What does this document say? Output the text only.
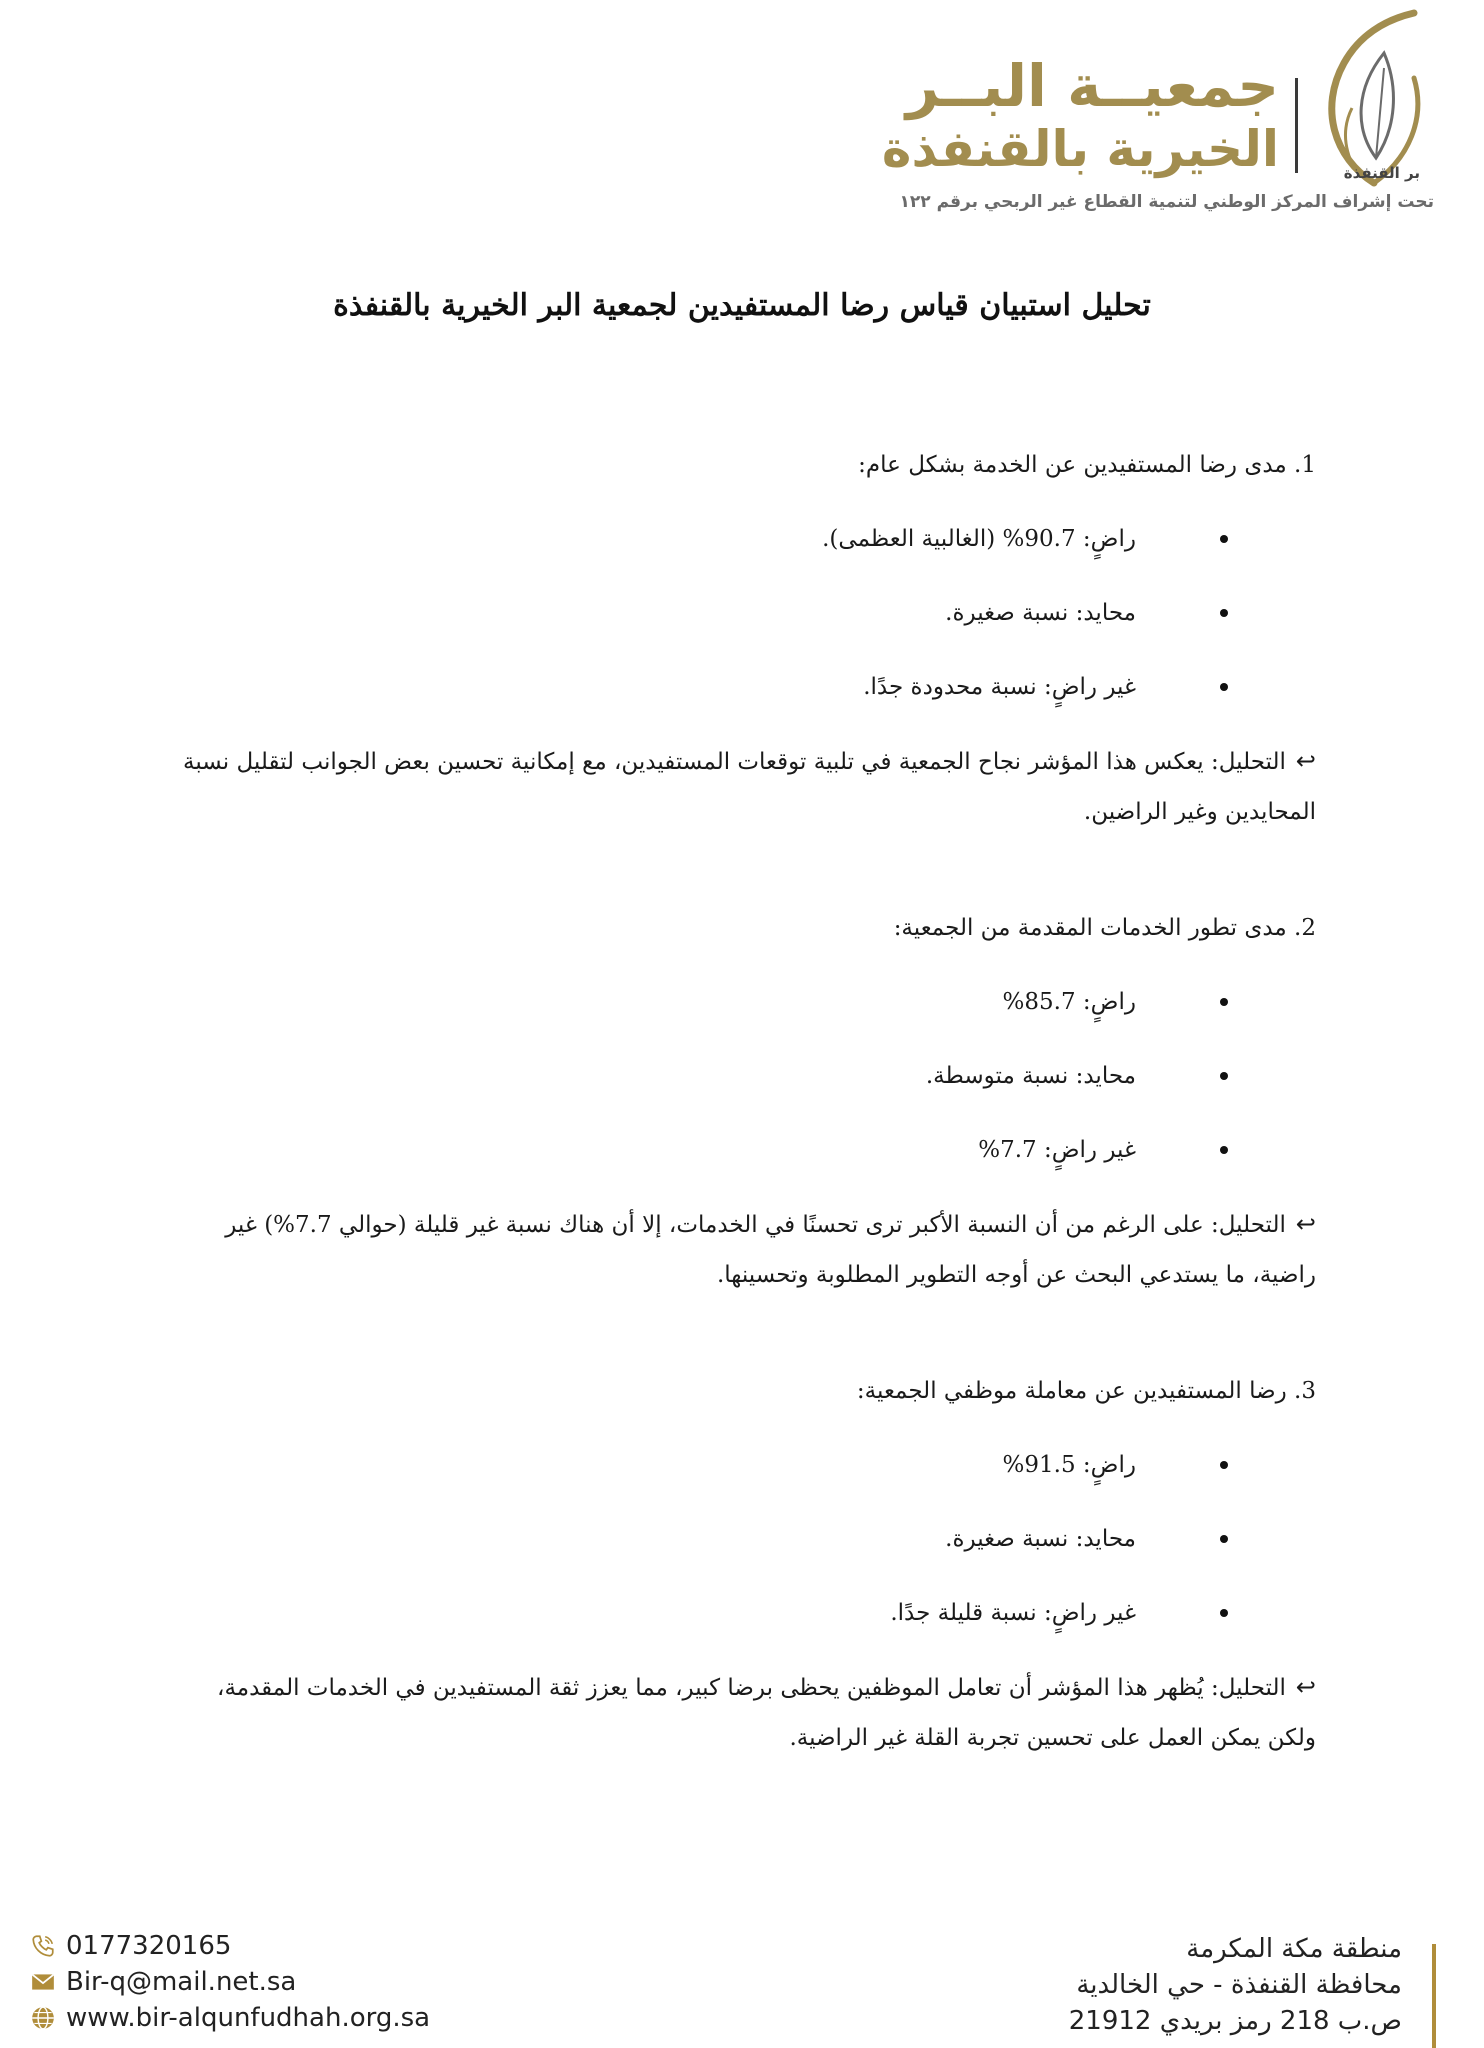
جمعيــة البــر
الخيرية بالقنفذة	بر القنفذة
تحت إشراف المركز الوطني لتنمية القطاع غير الربحي برقم ١٢٢
تحليل استبيان قياس رضا المستفيدين لجمعية البر الخيرية بالقنفذة

1. مدى رضا المستفيدين عن الخدمة بشكل عام:

راضٍ: 90.7% (الغالبية العظمى).
محايد: نسبة صغيرة.
غير راضٍ: نسبة محدودة جدًا.

↩التحليل: يعكس هذا المؤشر نجاح الجمعية في تلبية توقعات المستفيدين، مع إمكانية تحسين بعض الجوانب لتقليل نسبة المحايدين وغير الراضين.

2. مدى تطور الخدمات المقدمة من الجمعية:

راضٍ: 85.7%
محايد: نسبة متوسطة.
غير راضٍ: 7.7%

↩التحليل: على الرغم من أن النسبة الأكبر ترى تحسنًا في الخدمات، إلا أن هناك نسبة غير قليلة (حوالي 7.7%) غير راضية، ما يستدعي البحث عن أوجه التطوير المطلوبة وتحسينها.

3. رضا المستفيدين عن معاملة موظفي الجمعية:

راضٍ: 91.5%
محايد: نسبة صغيرة.
غير راضٍ: نسبة قليلة جدًا.

↩التحليل: يُظهر هذا المؤشر أن تعامل الموظفين يحظى برضا كبير، مما يعزز ثقة المستفيدين في الخدمات المقدمة، ولكن يمكن العمل على تحسين تجربة القلة غير الراضية.

0177320165
Bir-q@mail.net.sa
www.bir-alqunfudhah.org.sa
منطقة مكة المكرمة
محافظة القنفذة - حي الخالدية
ص.ب 218 رمز بريدي 21912
